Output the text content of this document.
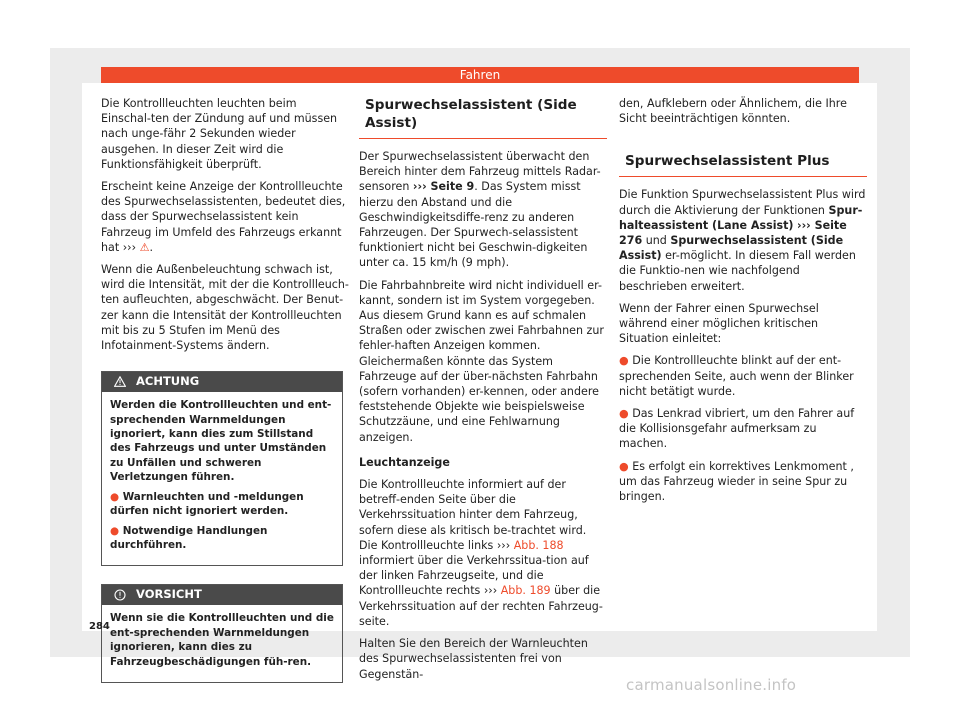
Fahren

Die Kontrollleuchten leuchten beim Einschal-ten der Zündung auf und müssen nach unge-fähr 2 Sekunden wieder ausgehen. In dieser Zeit wird die Funktionsfähigkeit überprüft.

Erscheint keine Anzeige der Kontrollleuchte des Spurwechselassistenten, bedeutet dies, dass der Spurwechselassistent kein Fahrzeug im Umfeld des Fahrzeugs erkannt hat ››› ⚠.

Wenn die Außenbeleuchtung schwach ist, wird die Intensität, mit der die Kontrollleuch-ten aufleuchten, abgeschwächt. Der Benut-zer kann die Intensität der Kontrollleuchten mit bis zu 5 Stufen im Menü des Infotainment-Systems ändern.

ACHTUNG

Werden die Kontrollleuchten und ent-sprechenden Warnmeldungen ignoriert, kann dies zum Stillstand des Fahrzeugs und unter Umständen zu Unfällen und schweren Verletzungen führen.

● Warnleuchten und -meldungen dürfen nicht ignoriert werden.

● Notwendige Handlungen durchführen.

VORSICHT

Wenn sie die Kontrollleuchten und die ent-sprechenden Warnmeldungen ignorieren, kann dies zu Fahrzeugbeschädigungen füh-ren.

Spurwechselassistent (Side Assist)

Der Spurwechselassistent überwacht den Bereich hinter dem Fahrzeug mittels Radar-sensoren ››› Seite 9. Das System misst hierzu den Abstand und die Geschwindigkeitsdiffe-renz zu anderen Fahrzeugen. Der Spurwech-selassistent funktioniert nicht bei Geschwin-digkeiten unter ca. 15 km/h (9 mph).

Die Fahrbahnbreite wird nicht individuell er-kannt, sondern ist im System vorgegeben. Aus diesem Grund kann es auf schmalen Straßen oder zwischen zwei Fahrbahnen zur fehler-haften Anzeigen kommen. Gleichermaßen könnte das System Fahrzeuge auf der über-nächsten Fahrbahn (sofern vorhanden) er-kennen, oder andere feststehende Objekte wie beispielsweise Schutzzäune, und eine Fehlwarnung anzeigen.

Leuchtanzeige

Die Kontrollleuchte informiert auf der betreff-enden Seite über die Verkehrssituation hinter dem Fahrzeug, sofern diese als kritisch be-trachtet wird. Die Kontrollleuchte links ››› Abb. 188 informiert über die Verkehrssitua-tion auf der linken Fahrzeugseite, und die Kontrollleuchte rechts ››› Abb. 189 über die Verkehrssituation auf der rechten Fahrzeug-seite.

Halten Sie den Bereich der Warnleuchten des Spurwechselassistenten frei von Gegenstän-

den, Aufklebern oder Ähnlichem, die Ihre Sicht beeinträchtigen könnten.

Spurwechselassistent Plus

Die Funktion Spurwechselassistent Plus wird durch die Aktivierung der Funktionen Spur-halteassistent (Lane Assist) ››› Seite 276 und Spurwechselassistent (Side Assist) er-möglicht. In diesem Fall werden die Funktio-nen wie nachfolgend beschrieben erweitert.

Wenn der Fahrer einen Spurwechsel während einer möglichen kritischen Situation einleitet:

● Die Kontrollleuchte blinkt auf der ent-sprechenden Seite, auch wenn der Blinker nicht betätigt wurde.

● Das Lenkrad vibriert, um den Fahrer auf die Kollisionsgefahr aufmerksam zu machen.

● Es erfolgt ein korrektives Lenkmoment , um das Fahrzeug wieder in seine Spur zu bringen.

284
carmanualsonline.info
